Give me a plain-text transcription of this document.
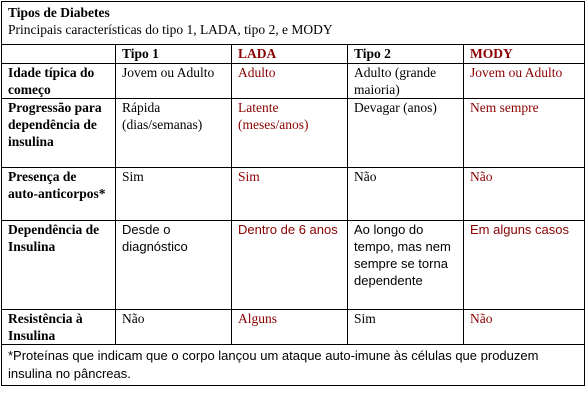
Tipos de Diabetes
Principais características do tipo 1, LADA, tipo 2, e MODY				

	Tipo 1	LADA	Tipo 2	MODY
Idade típica do começo	Jovem ou Adulto	Adulto	Adulto (grande maioria)	Jovem ou Adulto
Progressão para dependência de insulina	Rápida (dias/semanas)	Latente (meses/anos)	Devagar (anos)	Nem sempre
Presença de auto-anticorpos*	Sim	Sim	Não	Não
Dependência de Insulina	Desde o diagnóstico	Dentro de 6 anos	Ao longo do tempo, mas nem sempre se torna dependente	Em alguns casos
Resistência à Insulina	Não	Alguns	Sim	Não
*Proteínas que indicam que o corpo lançou um ataque auto-imune às células que produzem insulina no pâncreas.				
